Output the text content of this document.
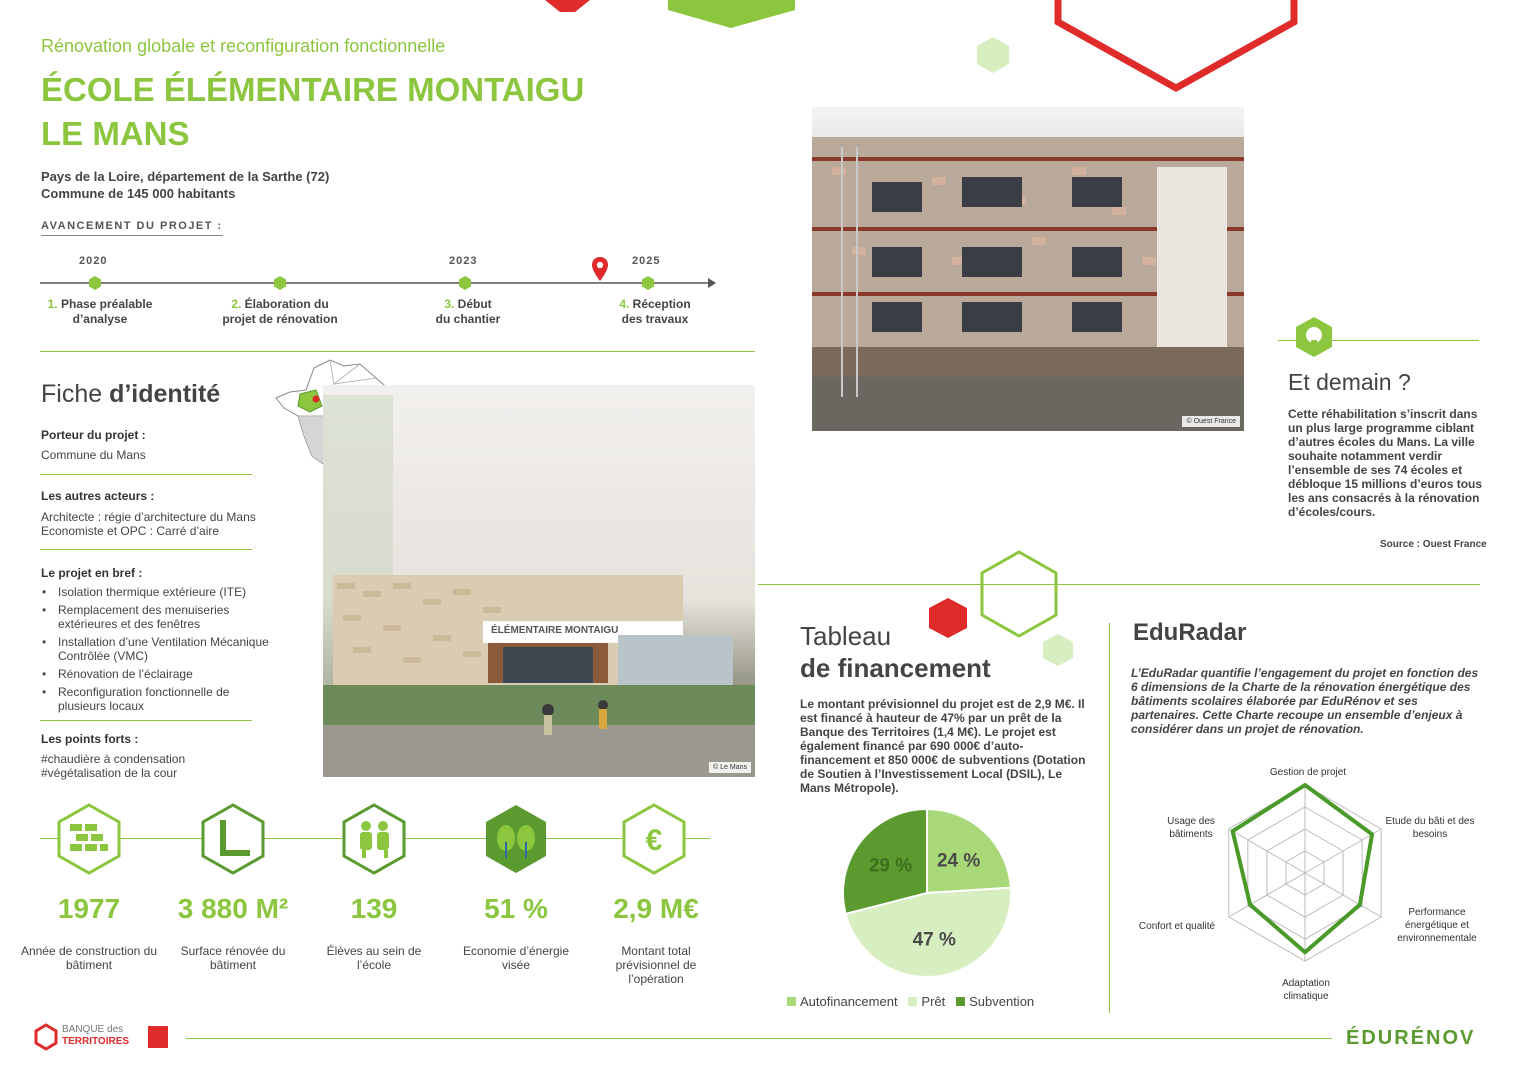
Rénovation globale et reconfiguration fonctionnelle
ÉCOLE ÉLÉMENTAIRE MONTAIGU
LE MANS
Pays de la Loire, département de la Sarthe (72)
Commune de 145 000 habitants
AVANCEMENT DU PROJET :
2020	2023	2025
1. Phase préalable
d’analyse
2. Élaboration du
projet de rénovation
3. Début
du chantier
4. Réception
des travaux
Fiche d’identité
Porteur du projet :
Commune du Mans
Les autres acteurs :
Architecte : régie d’architecture du Mans
Economiste et OPC : Carré d’aire
Le projet en bref :
• Isolation thermique extérieure (ITE)
• Remplacement des menuiseries extérieures et des fenêtres
• Installation d’une Ventilation Mécanique Contrôlée (VMC)
• Rénovation de l’éclairage
• Reconfiguration fonctionnelle de plusieurs locaux
Les points forts :
#chaudière à condensation
#végétalisation de la cour
ÉLÉMENTAIRE MONTAIGU
© Le Mans
€
1977
Année de construction du bâtiment
3 880 M²
Surface rénovée du bâtiment
139
Élèves au sein de l’école
51 %
Economie d’énergie visée
2,9 M€
Montant total prévisionnel de l’opération
© Ouest France
Et demain ?
Cette réhabilitation s’inscrit dans un plus large programme ciblant d’autres écoles du Mans. La ville souhaite notamment verdir l’ensemble de ses 74 écoles et débloque 15 millions d’euros tous les ans consacrés à la rénovation d’écoles/cours.
Source : Ouest France
Tableau
de financement
Le montant prévisionnel du projet est de 2,9 M€. Il est financé à hauteur de 47% par un prêt de la Banque des Territoires (1,4 M€). Le projet est également financé par 690 000€ d’auto-financement et 850 000€ de subventions (Dotation de Soutien à l’Investissement Local (DSIL), Le Mans Métropole).
24 %
47 %
29 %
Autofinancement Prêt Subvention
EduRadar
L’EduRadar quantifie l’engagement du projet en fonction des 6 dimensions de la Charte de la rénovation énergétique des bâtiments scolaires élaborée par EduRénov et ses partenaires. Cette Charte recoupe un ensemble d’enjeux à considérer dans un projet de rénovation.
Gestion de projet
Etude du bâti et des besoins
Performance énergétique et environnementale
Adaptation climatique
Confort et qualité
Usage des bâtiments
BANQUE des
TERRITOIRES	ÉDURÉNOV
